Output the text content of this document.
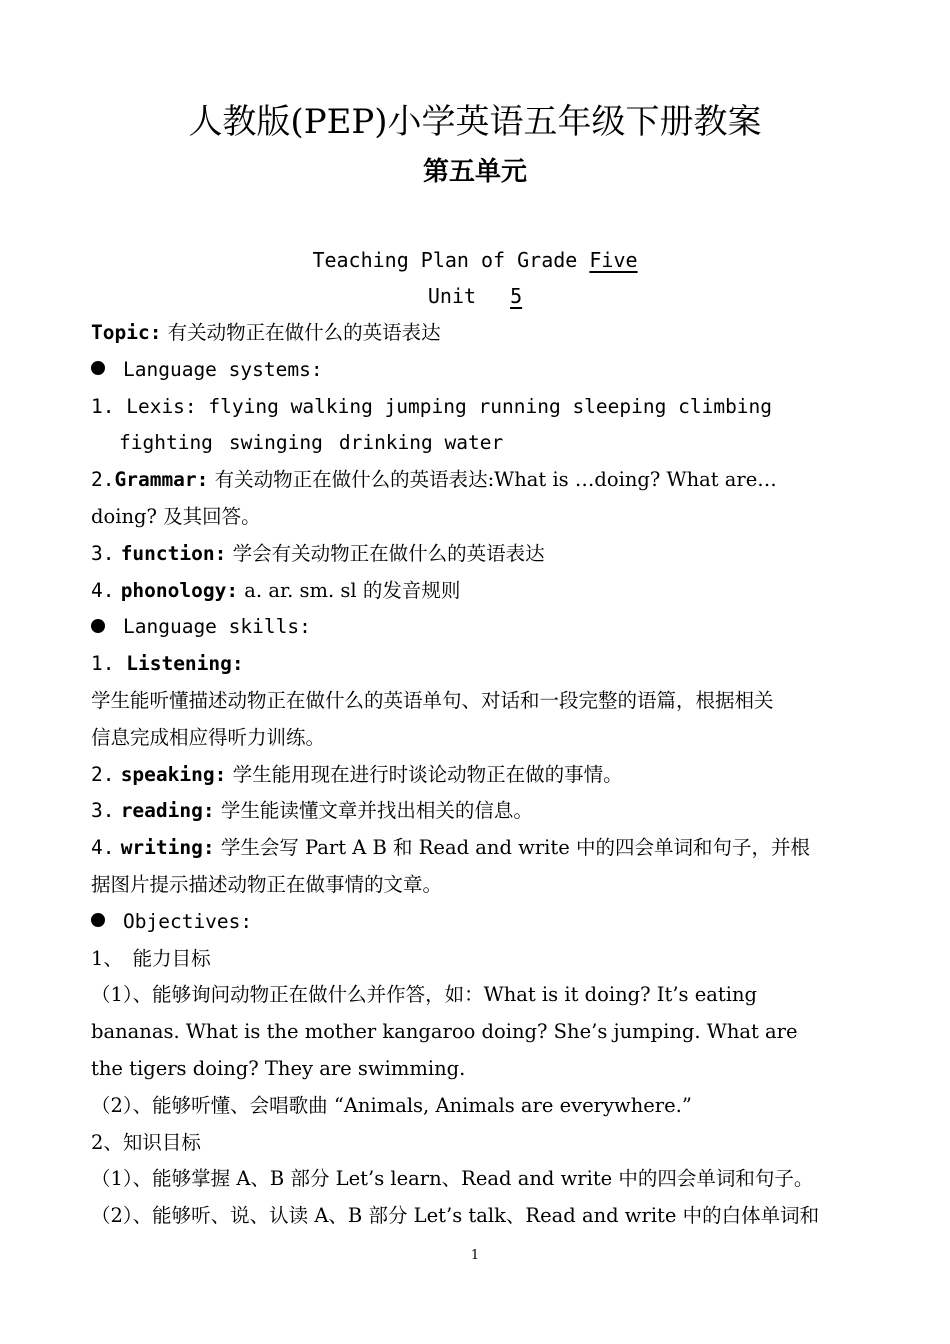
人教版(PEP)小学英语五年级下册教案
第五单元
Teaching Plan of Grade Five
Unit 5
Topic: 有关动物正在做什么的英语表达
Language systems:
1. Lexis: flying walking jumping running sleeping climbing
fighting swinging drinking water
2.Grammar: 有关动物正在做什么的英语表达:What is …doing? What are…
doing? 及其回答。
3. function: 学会有关动物正在做什么的英语表达
4. phonology: a. ar. sm. sl 的发音规则
Language skills:
1. Listening:
学生能听懂描述动物正在做什么的英语单句、对话和一段完整的语篇，根据相关
信息完成相应得听力训练。
2. speaking: 学生能用现在进行时谈论动物正在做的事情。
3. reading: 学生能读懂文章并找出相关的信息。
4. writing: 学生会写 Part A B 和 Read and write 中的四会单词和句子，并根
据图片提示描述动物正在做事情的文章。
Objectives:
1、　能力目标
（1）、能够询问动物正在做什么并作答，如：What is it doing? It’s eating
bananas. What is the mother kangaroo doing? She’s jumping. What are
the tigers doing? They are swimming.
（2）、能够听懂、会唱歌曲 “Animals, Animals are everywhere.”
2、知识目标
（1）、能够掌握 A、B 部分 Let’s learn、Read and write 中的四会单词和句子。
（2）、能够听、说、认读 A、B 部分 Let’s talk、Read and write 中的白体单词和
1
